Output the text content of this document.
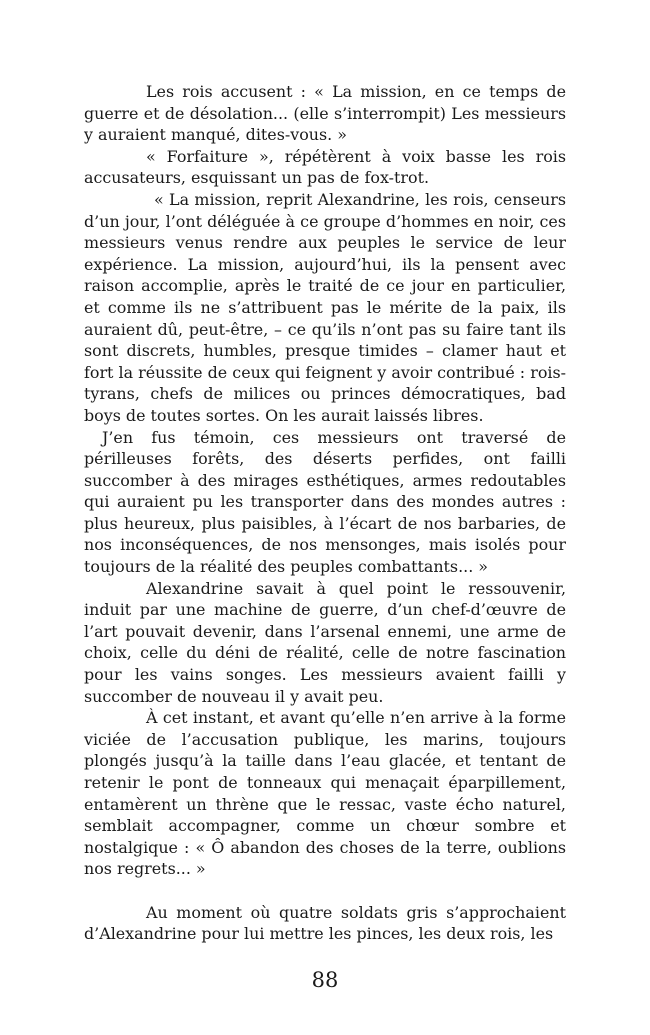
Les rois accusent : « La mission, en ce temps de guerre et de désolation... (elle s’interrompit) Les messieurs y auraient manqué, dites-vous. »

« Forfaiture », répétèrent à voix basse les rois accusateurs, esquissant un pas de fox-trot.

« La mission, reprit Alexandrine, les rois, censeurs d’un jour, l’ont déléguée à ce groupe d’hommes en noir, ces messieurs venus rendre aux peuples le service de leur expérience. La mission, aujourd’hui, ils la pensent avec raison accomplie, après le traité de ce jour en particulier, et comme ils ne s’attribuent pas le mérite de la paix, ils auraient dû, peut-être, – ce qu’ils n’ont pas su faire tant ils sont discrets, humbles, presque timides – clamer haut et fort la réussite de ceux qui feignent y avoir contribué : rois-tyrans, chefs de milices ou princes démocratiques, bad boys de toutes sortes. On les aurait laissés libres.

J’en fus témoin, ces messieurs ont traversé de périlleuses forêts, des déserts perfides, ont failli succomber à des mirages esthétiques, armes redoutables qui auraient pu les transporter dans des mondes autres : plus heureux, plus paisibles, à l’écart de nos barbaries, de nos inconséquences, de nos mensonges, mais isolés pour toujours de la réalité des peuples combattants... »

Alexandrine savait à quel point le ressouvenir, induit par une machine de guerre, d’un chef-d’œuvre de l’art pouvait devenir, dans l’arsenal ennemi, une arme de choix, celle du déni de réalité, celle de notre fascination pour les vains songes. Les messieurs avaient failli y succomber de nouveau il y avait peu.

À cet instant, et avant qu’elle n’en arrive à la forme viciée de l’accusation publique, les marins, toujours plongés jusqu’à la taille dans l’eau glacée, et tentant de retenir le pont de tonneaux qui menaçait éparpillement, entamèrent un thrène que le ressac, vaste écho naturel, semblait accompagner, comme un chœur sombre et nostalgique : « Ô abandon des choses de la terre, oublions nos regrets... »

Au moment où quatre soldats gris s’approchaient d’Alexandrine pour lui mettre les pinces, les deux rois, les

88
